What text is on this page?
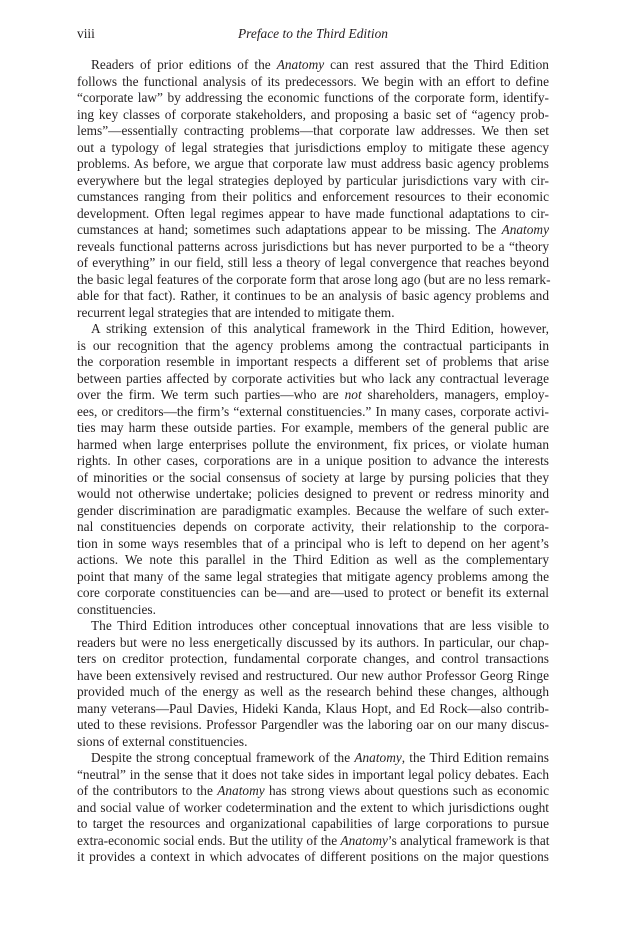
viii	Preface to the Third Edition
Readers of prior editions of the Anatomy can rest assured that the Third Edition
follows the functional analysis of its predecessors. We begin with an effort to define
“corporate law” by addressing the economic functions of the corporate form, identify-
ing key classes of corporate stakeholders, and proposing a basic set of “agency prob-
lems”—essentially contracting problems—that corporate law addresses. We then set
out a typology of legal strategies that jurisdictions employ to mitigate these agency
problems. As before, we argue that corporate law must address basic agency problems
everywhere but the legal strategies deployed by particular jurisdictions vary with cir-
cumstances ranging from their politics and enforcement resources to their economic
development. Often legal regimes appear to have made functional adaptations to cir-
cumstances at hand; sometimes such adaptations appear to be missing. The Anatomy
reveals functional patterns across jurisdictions but has never purported to be a “theory
of everything” in our field, still less a theory of legal convergence that reaches beyond
the basic legal features of the corporate form that arose long ago (but are no less remark-
able for that fact). Rather, it continues to be an analysis of basic agency problems and
recurrent legal strategies that are intended to mitigate them.
A striking extension of this analytical framework in the Third Edition, however,
is our recognition that the agency problems among the contractual participants in
the corporation resemble in important respects a different set of problems that arise
between parties affected by corporate activities but who lack any contractual leverage
over the firm. We term such parties—who are not shareholders, managers, employ-
ees, or creditors—the firm’s “external constituencies.” In many cases, corporate activi-
ties may harm these outside parties. For example, members of the general public are
harmed when large enterprises pollute the environment, fix prices, or violate human
rights. In other cases, corporations are in a unique position to advance the interests
of minorities or the social consensus of society at large by pursing policies that they
would not otherwise undertake; policies designed to prevent or redress minority and
gender discrimination are paradigmatic examples. Because the welfare of such exter-
nal constituencies depends on corporate activity, their relationship to the corpora-
tion in some ways resembles that of a principal who is left to depend on her agent’s
actions. We note this parallel in the Third Edition as well as the complementary
point that many of the same legal strategies that mitigate agency problems among the
core corporate constituencies can be—and are—used to protect or benefit its external
constituencies.
The Third Edition introduces other conceptual innovations that are less visible to
readers but were no less energetically discussed by its authors. In particular, our chap-
ters on creditor protection, fundamental corporate changes, and control transactions
have been extensively revised and restructured. Our new author Professor Georg Ringe
provided much of the energy as well as the research behind these changes, although
many veterans—Paul Davies, Hideki Kanda, Klaus Hopt, and Ed Rock—also contrib-
uted to these revisions. Professor Pargendler was the laboring oar on our many discus-
sions of external constituencies.
Despite the strong conceptual framework of the Anatomy, the Third Edition remains
“neutral” in the sense that it does not take sides in important legal policy debates. Each
of the contributors to the Anatomy has strong views about questions such as economic
and social value of worker codetermination and the extent to which jurisdictions ought
to target the resources and organizational capabilities of large corporations to pursue
extra-economic social ends. But the utility of the Anatomy’s analytical framework is that
it provides a context in which advocates of different positions on the major questions
